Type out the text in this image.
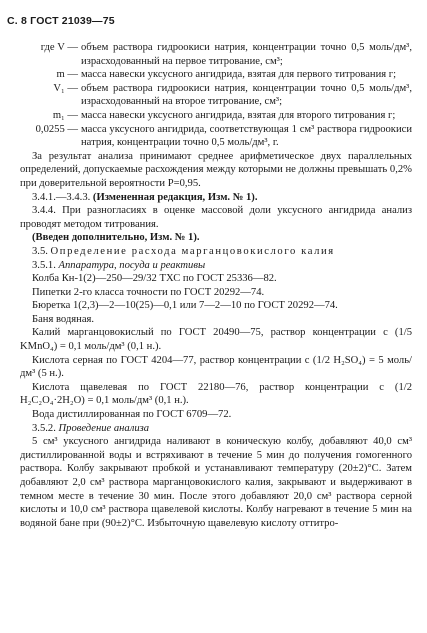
С. 8 ГОСТ 21039—75
где V — объем раствора гидроокиси натрия, концентрации точно 0,5 моль/дм³, израсходованный на первое титрование, см³;
m — масса навески уксусного ангидрида, взятая для первого титрования г;
V₁ — объем раствора гидроокиси натрия, концентрации точно 0,5 моль/дм³, израсходованный на второе титрование, см³;
m₁ — масса навески уксусного ангидрида, взятая для второго титрования г;
0,0255 — масса уксусного ангидрида, соответствующая 1 см³ раствора гидроокиси натрия, концентрации точно 0,5 моль/дм³, г.

За результат анализа принимают среднее арифметическое двух параллельных определений, допускаемые расхождения между которыми не должны превышать 0,2% при доверительной вероятности Р=0,95.

3.4.1.—3.4.3. (Измененная редакция, Изм. № 1).

3.4.4. При разногласиях в оценке массовой доли уксусного ангидрида анализ проводят методом титрования.

(Введен дополнительно, Изм. № 1).

3.5. Определение расхода марганцовокислого калия

3.5.1. Аппаратура, посуда и реактивы

Колба Кн-1(2)—250—29/32 ТХС по ГОСТ 25336—82.

Пипетки 2-го класса точности по ГОСТ 20292—74.

Бюретка 1(2,3)—2—10(25)—0,1 или 7—2—10 по ГОСТ 20292—74.

Баня водяная.

Калий марганцовокислый по ГОСТ 20490—75, раствор концентрации с (1/5 KMnO₄) = 0,1 моль/дм³ (0,1 н.).

Кислота серная по ГОСТ 4204—77, раствор концентрации с (1/2 H₂SO₄) = 5 моль/дм³ (5 н.).

Кислота щавелевая по ГОСТ 22180—76, раствор концентрации с (1/2 H₂C₂O₄·2H₂O) = 0,1 моль/дм³ (0,1 н.).

Вода дистиллированная по ГОСТ 6709—72.

3.5.2. Проведение анализа

5 см³ уксусного ангидрида наливают в коническую колбу, добавляют 40,0 см³ дистиллированной воды и встряхивают в течение 5 мин до получения гомогенного раствора. Колбу закрывают пробкой и устанавливают температуру (20±2)°С. Затем добавляют 2,0 см³ раствора марганцовокислого калия, закрывают и выдерживают в темном месте в течение 30 мин. После этого добавляют 20,0 см³ раствора серной кислоты и 10,0 см³ раствора щавелевой кислоты. Колбу нагревают в течение 5 мин на водяной бане при (90±2)°С. Избыточную щавелевую кислоту оттитро-
